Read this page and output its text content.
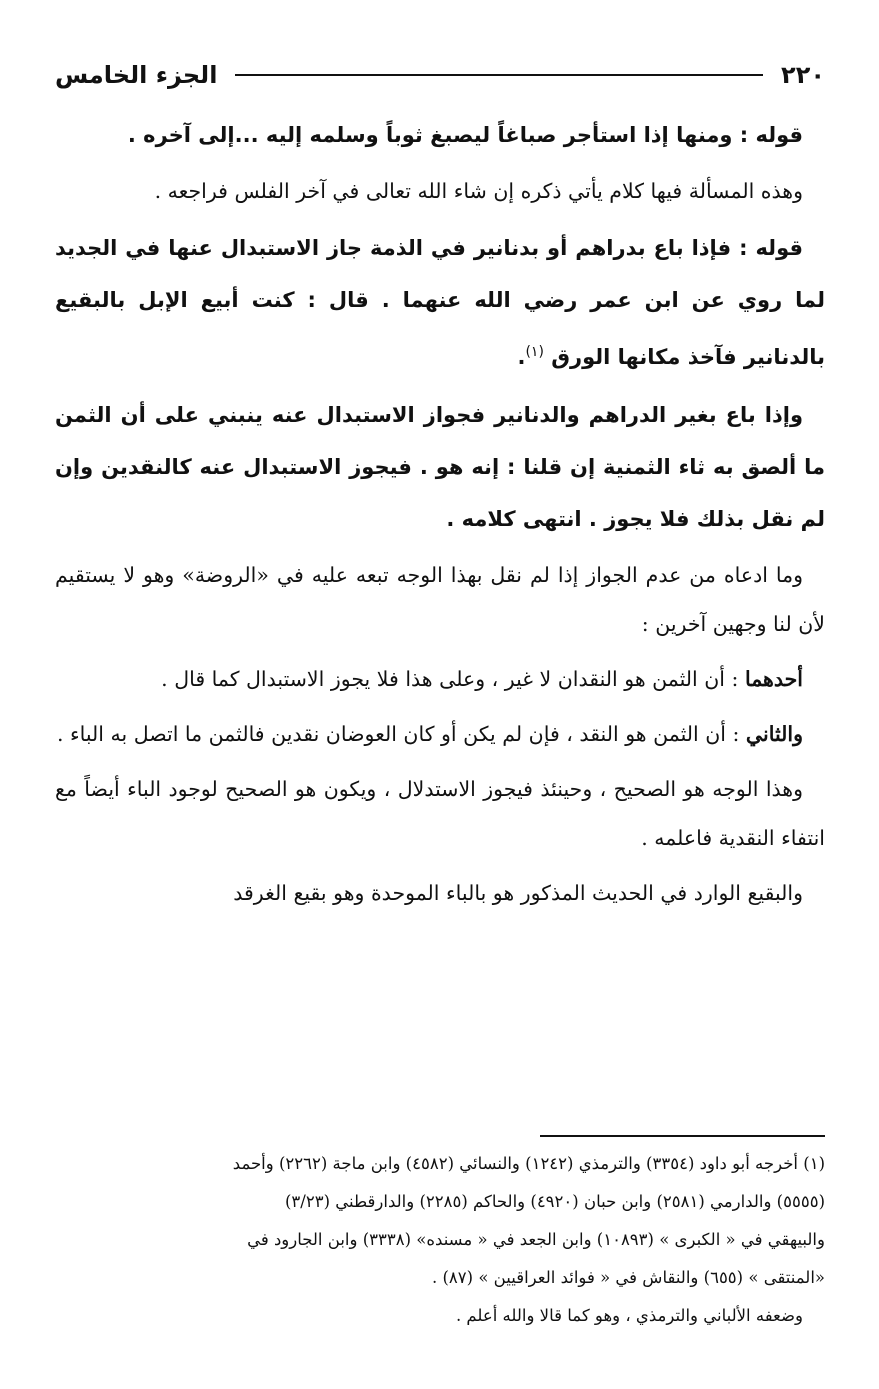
٢٢٠
الجزء الخامس

قوله : ومنها إذا استأجر صباغاً ليصبغ ثوباً وسلمه إليه ...إلى آخره .

وهذه المسألة فيها كلام يأتي ذكره إن شاء الله تعالى في آخر الفلس فراجعه .

قوله : فإذا باع بدراهم أو بدنانير في الذمة جاز الاستبدال عنها في الجديد لما روي عن ابن عمر رضي الله عنهما . قال : كنت أبيع الإبل بالبقيع بالدنانير فآخذ مكانها الورق $^{(١)}$.

وإذا باع بغير الدراهم والدنانير فجواز الاستبدال عنه ينبني على أن الثمن ما ألصق به ثاء الثمنية إن قلنا : إنه هو . فيجوز الاستبدال عنه كالنقدين وإن لم نقل بذلك فلا يجوز . انتهى كلامه .

وما ادعاه من عدم الجواز إذا لم نقل بهذا الوجه تبعه عليه في «الروضة» وهو لا يستقيم لأن لنا وجهين آخرين :

أحدهما : أن الثمن هو النقدان لا غير ، وعلى هذا فلا يجوز الاستبدال كما قال .

والثاني : أن الثمن هو النقد ، فإن لم يكن أو كان العوضان نقدين فالثمن ما اتصل به الباء .

وهذا الوجه هو الصحيح ، وحينئذ فيجوز الاستدلال ، ويكون هو الصحيح لوجود الباء أيضاً مع انتفاء النقدية فاعلمه .

والبقيع الوارد في الحديث المذكور هو بالباء الموحدة وهو بقيع الغرقد

(١) أخرجه أبو داود (٣٣٥٤) والترمذي (١٢٤٢) والنسائي (٤٥٨٢) وابن ماجة (٢٢٦٢) وأحمد

(٥٥٥٥) والدارمي (٢٥٨١) وابن حبان (٤٩٢٠) والحاكم (٢٢٨٥) والدارقطني (٣/٢٣)

والبيهقي في « الكبرى » (١٠٨٩٣) وابن الجعد في « مسنده» (٣٣٣٨) وابن الجارود في

«المنتقى » (٦٥٥) والنقاش في « فوائد العراقيين » (٨٧) .

وضعفه الألباني والترمذي ، وهو كما قالا والله أعلم .
